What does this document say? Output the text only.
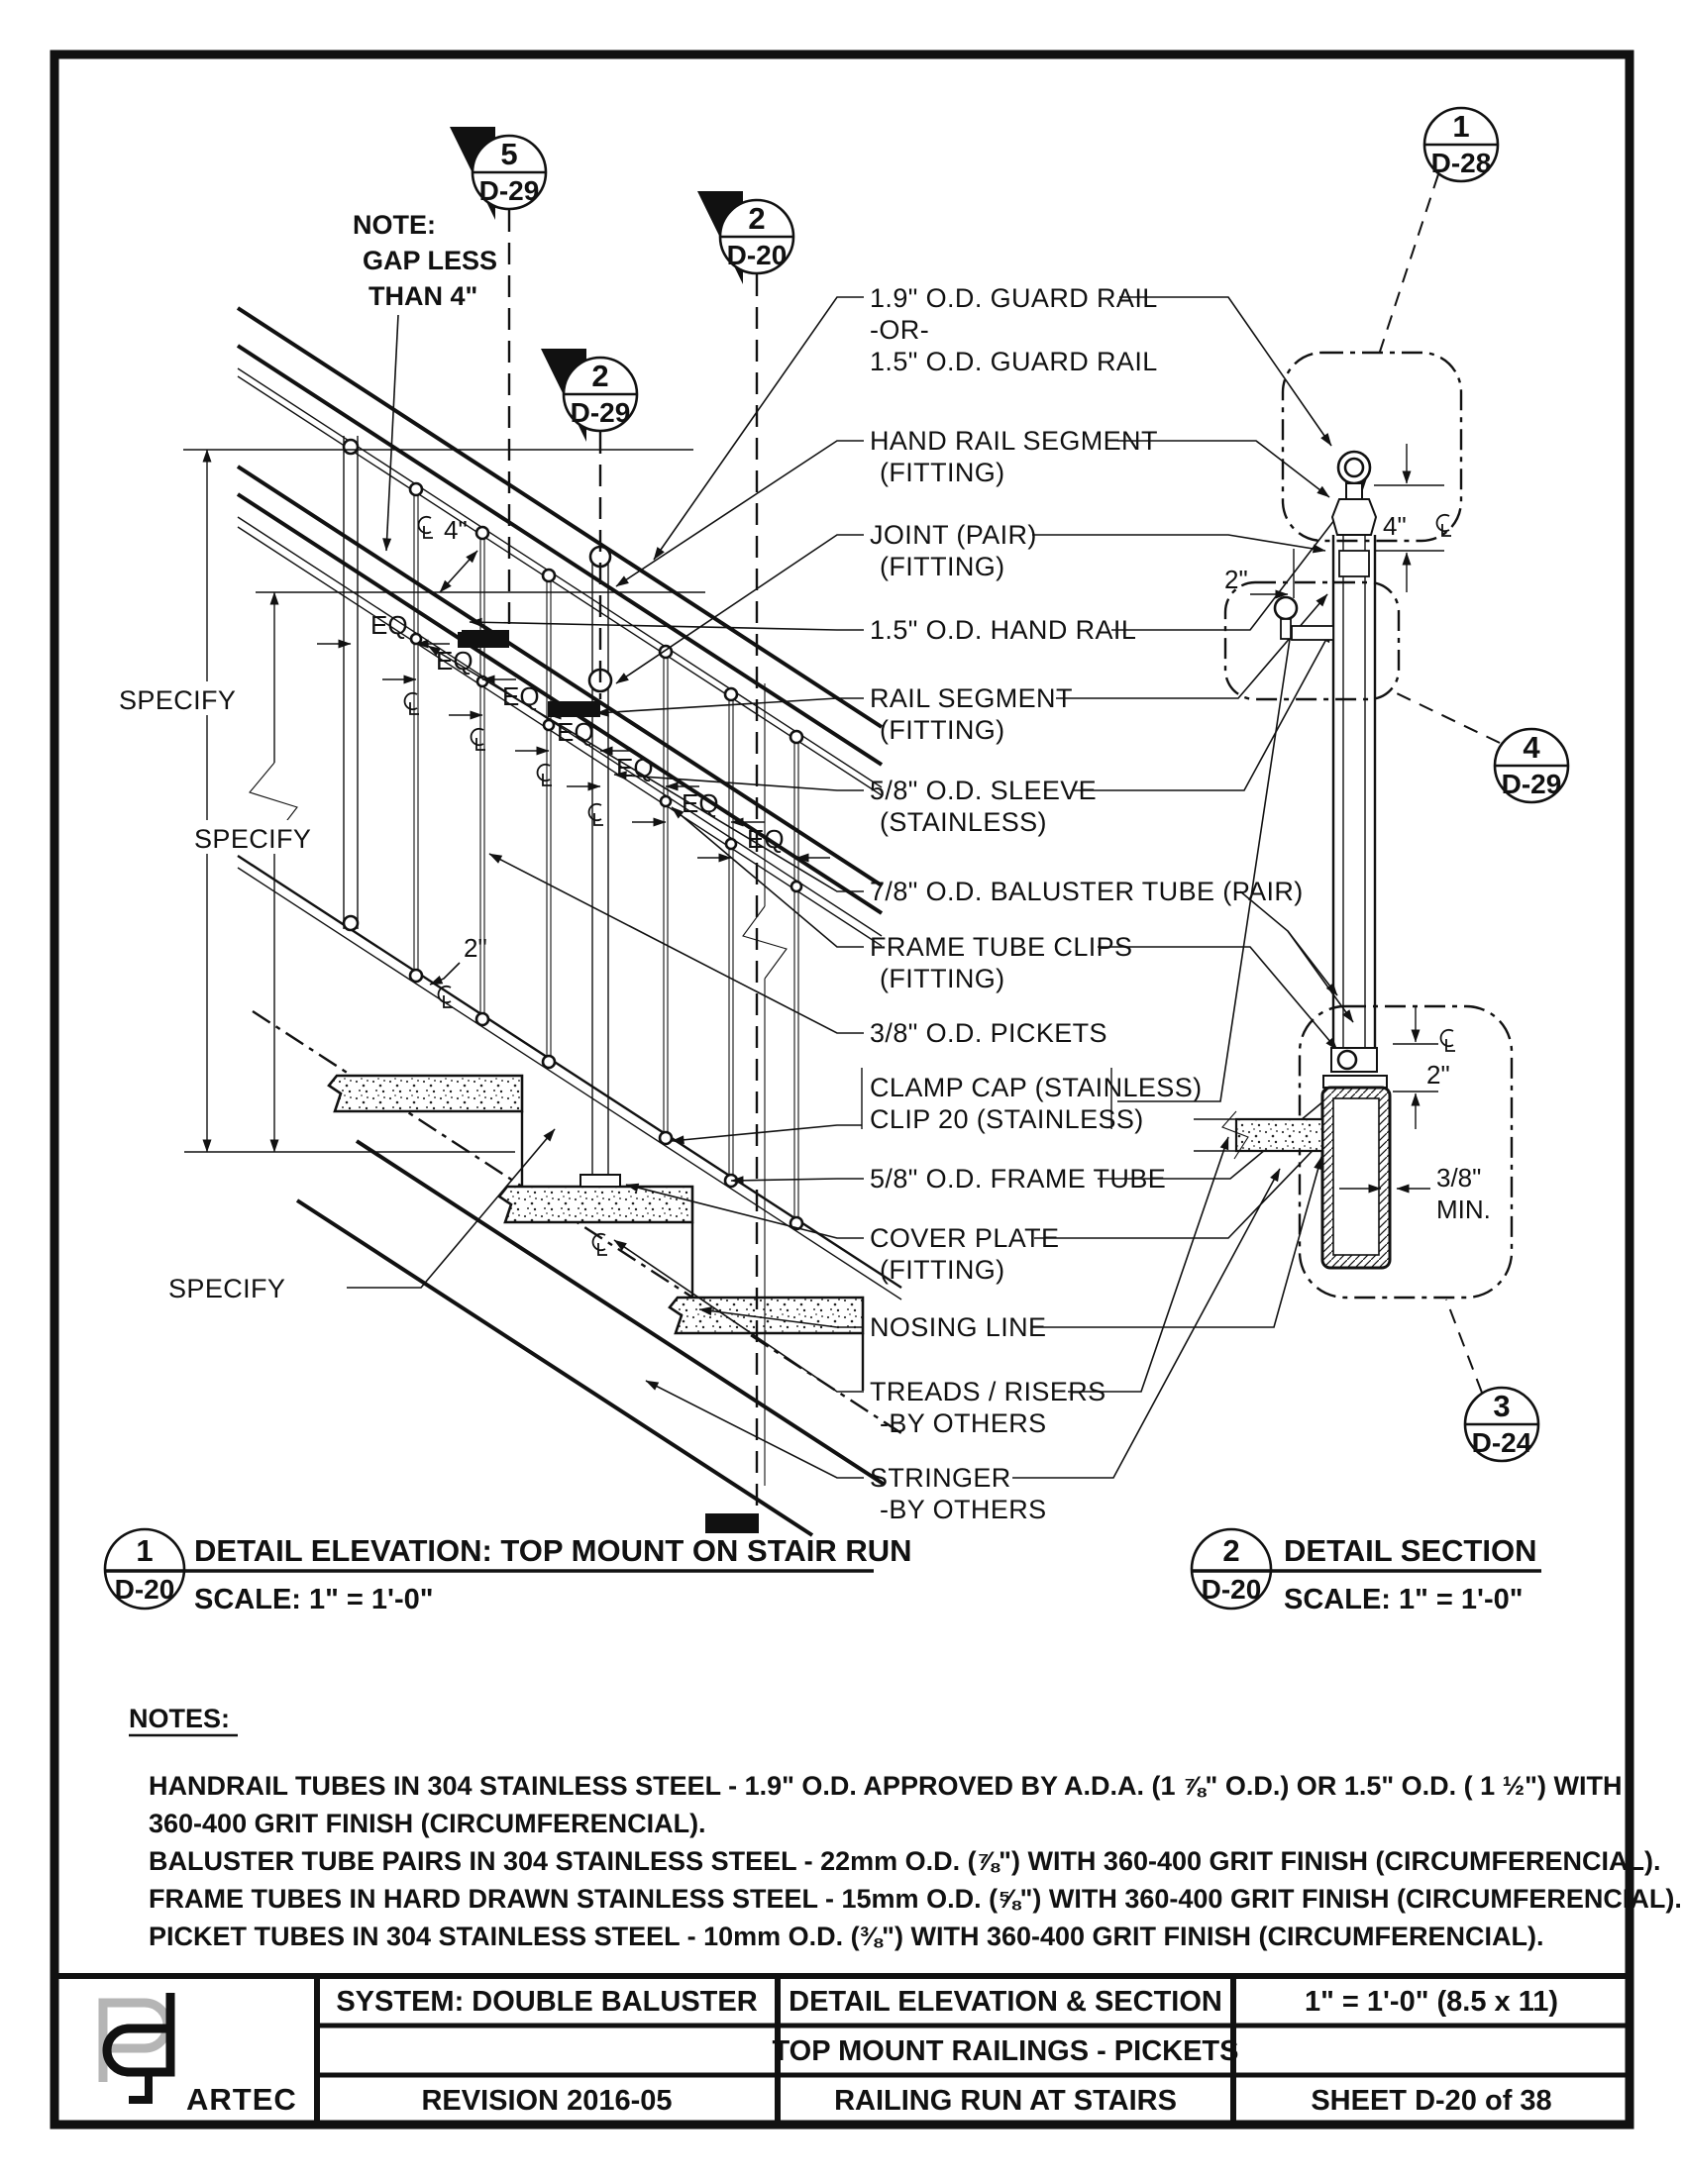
SPECIFY
SPECIFY
SPECIFY
EQ
EQ
EQ
EQ
EQ
EQ
EQ
NOTE:
GAP LESS
THAN 4"
4"
2"
1.9" O.D. GUARD RAIL
-OR-
1.5" O.D. GUARD RAIL
HAND RAIL SEGMENT
(FITTING)
JOINT (PAIR)
(FITTING)
1.5" O.D. HAND RAIL
RAIL SEGMENT
(FITTING)
5/8" O.D. SLEEVE
(STAINLESS)
7/8" O.D. BALUSTER TUBE (PAIR)
FRAME TUBE CLIPS
(FITTING)
3/8" O.D. PICKETS
CLAMP CAP (STAINLESS)
CLIP 20 (STAINLESS)
5/8" O.D. FRAME TUBE
COVER PLATE
(FITTING)
NOSING LINE
TREADS / RISERS
-BY OTHERS
STRINGER
-BY OTHERS
4"
2"
2"
3/8"
MIN.
5
D-29
2
D-29
2
D-20
1
D-28
4
D-29
3
D-24
1
D-20
DETAIL ELEVATION: TOP MOUNT ON STAIR RUN
SCALE: 1" = 1'-0"
2
D-20
DETAIL SECTION
SCALE: 1" = 1'-0"
NOTES:
HANDRAIL TUBES IN 304 STAINLESS STEEL - 1.9" O.D. APPROVED BY A.D.A. (1 ⅞" O.D.) OR 1.5" O.D. ( 1 ½") WITH
360-400 GRIT FINISH (CIRCUMFERENCIAL).
BALUSTER TUBE PAIRS IN 304 STAINLESS STEEL - 22mm O.D. (⅞") WITH 360-400 GRIT FINISH (CIRCUMFERENCIAL).
FRAME TUBES IN HARD DRAWN STAINLESS STEEL - 15mm O.D. (⅝") WITH 360-400 GRIT FINISH (CIRCUMFERENCIAL).
PICKET TUBES IN 304 STAINLESS STEEL - 10mm O.D. (⅜") WITH 360-400 GRIT FINISH (CIRCUMFERENCIAL).
ARTEC
SYSTEM: DOUBLE BALUSTER
REVISION 2016-05
DETAIL ELEVATION & SECTION
TOP MOUNT RAILINGS - PICKETS
RAILING RUN AT STAIRS
1" = 1'-0" (8.5 x 11)
SHEET D-20 of 38
